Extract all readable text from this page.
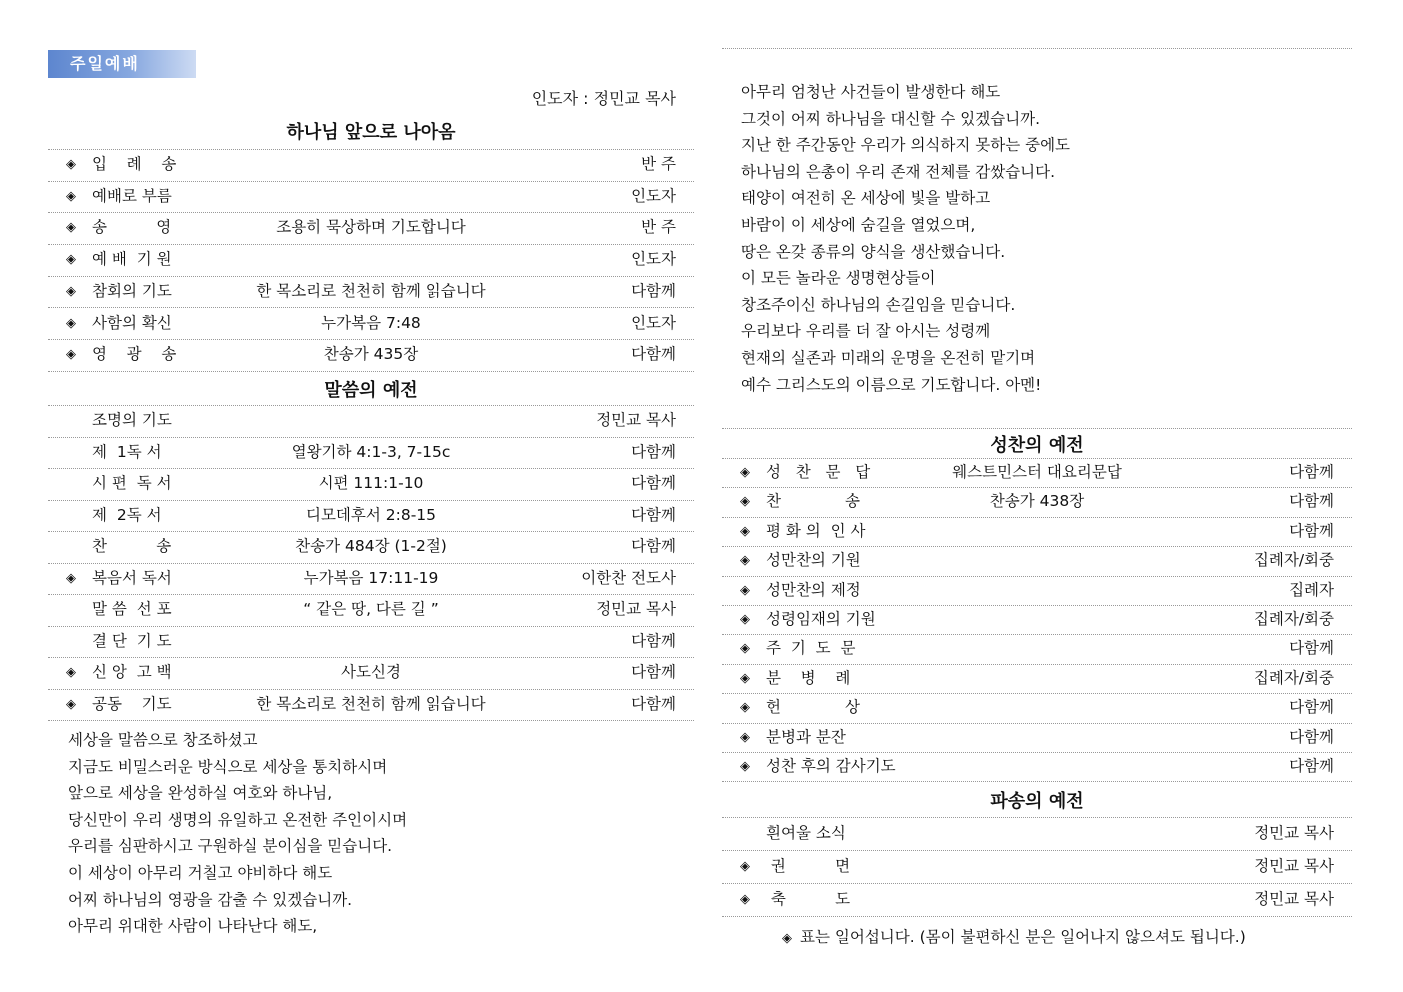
주일예배
인도자 : 정민교 목사
하나님 앞으로 나아옴
◈ 입    례    송	반 주
◈ 예배로 부름	인도자
◈ 송          영	조용히 묵상하며 기도합니다	반 주
◈ 예 배  기 원	인도자
◈ 참회의 기도	한 목소리로 천천히 함께 읽습니다	다함께
◈ 사함의 확신	누가복음 7:48	인도자
◈ 영    광    송	찬송가 435장	다함께
말씀의 예전
조명의 기도	정민교 목사
제  1독 서	열왕기하 4:1-3, 7-15c	다함께
시 편  독 서	시편 111:1-10	다함께
제  2독 서	디모데후서 2:8-15	다함께
찬          송	찬송가 484장 (1-2절)	다함께
◈ 복음서 독서	누가복음 17:11-19	이한찬 전도사
말 씀  선 포	“ 같은 땅, 다른 길 ”	정민교 목사
결 단  기 도	다함께
◈ 신 앙  고 백	사도신경	다함께
◈ 공동    기도	한 목소리로 천천히 함께 읽습니다	다함께
세상을 말씀으로 창조하셨고
지금도 비밀스러운 방식으로 세상을 통치하시며
앞으로 세상을 완성하실 여호와 하나님,
당신만이 우리 생명의 유일하고 온전한 주인이시며
우리를 심판하시고 구원하실 분이심을 믿습니다.
이 세상이 아무리 거칠고 야비하다 해도
어찌 하나님의 영광을 감출 수 있겠습니까.
아무리 위대한 사람이 나타난다 해도,
아무리 엄청난 사건들이 발생한다 해도
그것이 어찌 하나님을 대신할 수 있겠습니까.
지난 한 주간동안 우리가 의식하지 못하는 중에도
하나님의 은총이 우리 존재 전체를 감쌌습니다.
태양이 여전히 온 세상에 빛을 발하고
바람이 이 세상에 숨길을 열었으며,
땅은 온갖 종류의 양식을 생산했습니다.
이 모든 놀라운 생명현상들이
창조주이신 하나님의 손길임을 믿습니다.
우리보다 우리를 더 잘 아시는 성령께
현재의 실존과 미래의 운명을 온전히 맡기며
예수 그리스도의 이름으로 기도합니다. 아멘!
성찬의 예전
◈ 성   찬   문   답	웨스트민스터 대요리문답	다함께
◈ 찬             송	찬송가 438장	다함께
◈ 평 화 의  인 사	다함께
◈ 성만찬의 기원	집례자/회중
◈ 성만찬의 제정	집례자
◈ 성령임재의 기원	집례자/회중
◈ 주  기  도  문	다함께
◈ 분    병    례	집례자/회중
◈ 헌             상	다함께
◈ 분병과 분잔	다함께
◈ 성찬 후의 감사기도	다함께
파송의 예전
흰여울 소식	정민교 목사
◈ 권          면	정민교 목사
◈ 축          도	정민교 목사
◈ 표는 일어섭니다. (몸이 불편하신 분은 일어나지 않으셔도 됩니다.)
